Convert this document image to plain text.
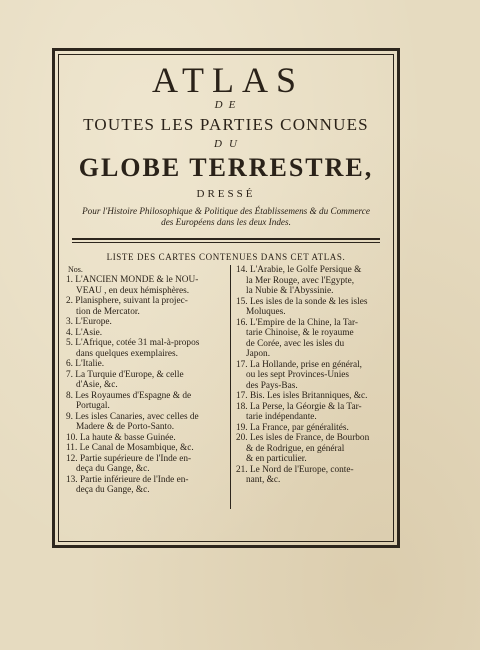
ATLAS
DE
TOUTES LES PARTIES CONNUES
DU
GLOBE TERRESTRE,
DRESSÉ
Pour l'Histoire Philosophique & Politique des Établissemens & du Commerce
des Européens dans les deux Indes.
LISTE DES CARTES CONTENUES DANS CET ATLAS.
Nos.
1. L'ANCIEN MONDE & le NOU-
VEAU , en deux hémisphères.
2. Planisphere, suivant la projec-
tion de Mercator.
3. L'Europe.
4. L'Asie.
5. L'Afrique, cotée 31 mal-à-propos
dans quelques exemplaires.
6. L'Italie.
7. La Turquie d'Europe, & celle
d'Asie, &c.
8. Les Royaumes d'Espagne & de
Portugal.
9. Les isles Canaries, avec celles de
Madere & de Porto-Santo.
10. La haute & basse Guinée.
11. Le Canal de Mosambique, &c.
12. Partie supérieure de l'Inde en-
deça du Gange, &c.
13. Partie inférieure de l'Inde en-
deça du Gange, &c.
14. L'Arabie, le Golfe Persique &
la Mer Rouge, avec l'Egypte,
la Nubie & l'Abyssinie.
15. Les isles de la sonde & les isles
Moluques.
16. L'Empire de la Chine, la Tar-
tarie Chinoise, & le royaume
de Corée, avec les isles du
Japon.
17. La Hollande, prise en général,
ou les sept Provinces-Unies
des Pays-Bas.
17. Bis. Les isles Britanniques, &c.
18. La Perse, la Géorgie & la Tar-
tarie indépendante.
19. La France, par généralités.
20. Les isles de France, de Bourbon
& de Rodrigue, en général
& en particulier.
21. Le Nord de l'Europe, conte-
nant, &c.
